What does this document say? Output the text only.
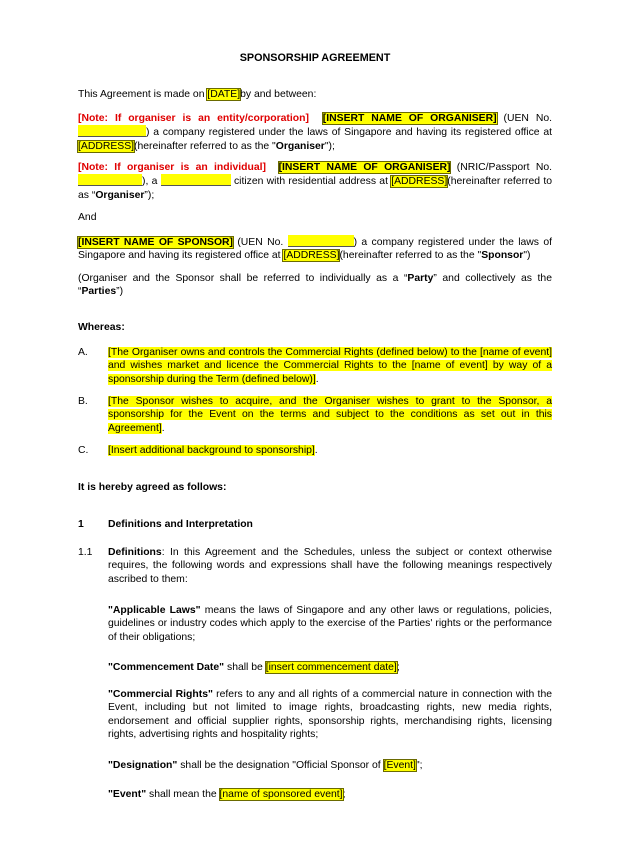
SPONSORSHIP AGREEMENT
This Agreement is made on [DATE]by and between:
[Note: If organiser is an entity/corporation] [INSERT NAME OF ORGANISER] (UEN No. ) a company registered under the laws of Singapore and having its registered office at [ADDRESS](hereinafter referred to as the "Organiser");
[Note: If organiser is an individual] [INSERT NAME OF ORGANISER] (NRIC/Passport No. ), a	citizen with residential address at [ADDRESS](hereinafter referred to as “Organiser”);
And
[INSERT NAME OF SPONSOR] (UEN No.	) a company registered under the laws of Singapore and having its registered office at [ADDRESS](hereinafter referred to as the "Sponsor")
(Organiser and the Sponsor shall be referred to individually as a “Party” and collectively as the “Parties”)
Whereas:
A. [The Organiser owns and controls the Commercial Rights (defined below) to the [name of event] and wishes market and licence the Commercial Rights to the [name of event] by way of a sponsorship during the Term (defined below)].
B. [The Sponsor wishes to acquire, and the Organiser wishes to grant to the Sponsor, a sponsorship for the Event on the terms and subject to the conditions as set out in this Agreement].
C. [Insert additional background to sponsorship].
It is hereby agreed as follows:
1 Definitions and Interpretation
1.1 Definitions: In this Agreement and the Schedules, unless the subject or context otherwise requires, the following words and expressions shall have the following meanings respectively ascribed to them:
"Applicable Laws" means the laws of Singapore and any other laws or regulations, policies, guidelines or industry codes which apply to the exercise of the Parties' rights or the performance of their obligations;
"Commencement Date" shall be [insert commencement date];
"Commercial Rights" refers to any and all rights of a commercial nature in connection with the Event, including but not limited to image rights, broadcasting rights, new media rights, endorsement and official supplier rights, sponsorship rights, merchandising rights, licensing rights, advertising rights and hospitality rights;
"Designation" shall be the designation "Official Sponsor of [Event]";
"Event" shall mean the [name of sponsored event];
